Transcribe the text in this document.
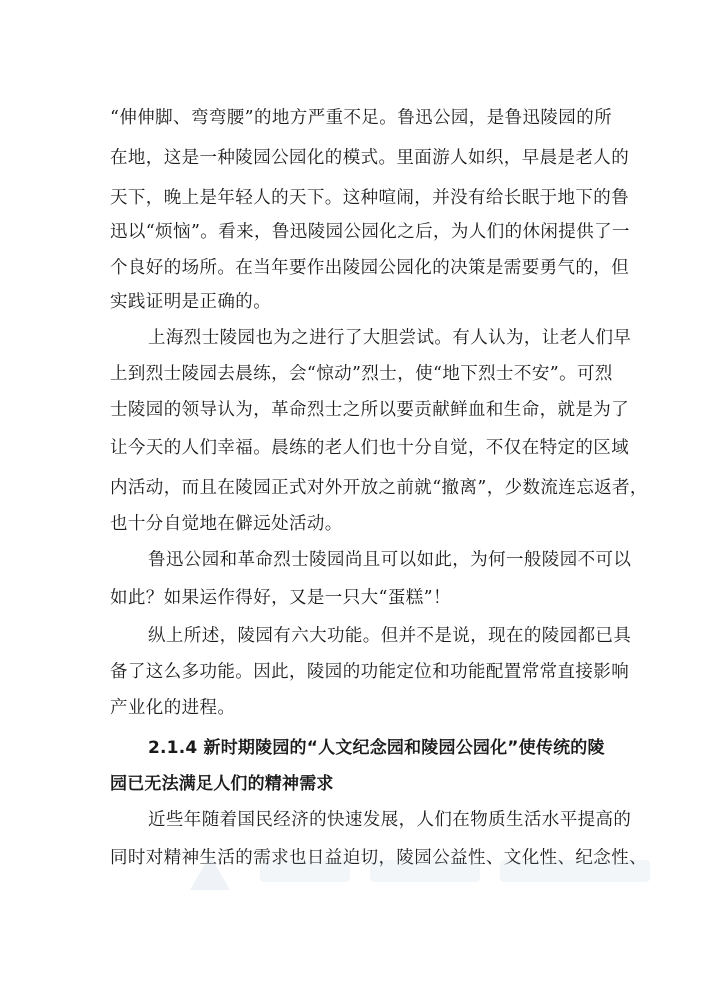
“伸伸脚、弯弯腰”的地方严重不足。鲁迅公园，是鲁迅陵园的所
在地，这是一种陵园公园化的模式。里面游人如织，早晨是老人的
天下，晚上是年轻人的天下。这种喧闹，并没有给长眠于地下的鲁
迅以“烦恼”。看来，鲁迅陵园公园化之后，为人们的休闲提供了一
个良好的场所。在当年要作出陵园公园化的决策是需要勇气的，但
实践证明是正确的。
上海烈士陵园也为之进行了大胆尝试。有人认为，让老人们早
上到烈士陵园去晨练，会“惊动”烈士，使“地下烈士不安”。可烈
士陵园的领导认为，革命烈士之所以要贡献鲜血和生命，就是为了
让今天的人们幸福。晨练的老人们也十分自觉，不仅在特定的区域
内活动，而且在陵园正式对外开放之前就“撤离”，少数流连忘返者，
也十分自觉地在僻远处活动。
鲁迅公园和革命烈士陵园尚且可以如此，为何一般陵园不可以
如此？如果运作得好，又是一只大“蛋糕”！
纵上所述，陵园有六大功能。但并不是说，现在的陵园都已具
备了这么多功能。因此，陵园的功能定位和功能配置常常直接影响
产业化的进程。
2.1.4 新时期陵园的“人文纪念园和陵园公园化”使传统的陵
园已无法满足人们的精神需求
近些年随着国民经济的快速发展，人们在物质生活水平提高的
同时对精神生活的需求也日益迫切，陵园公益性、文化性、纪念性、
